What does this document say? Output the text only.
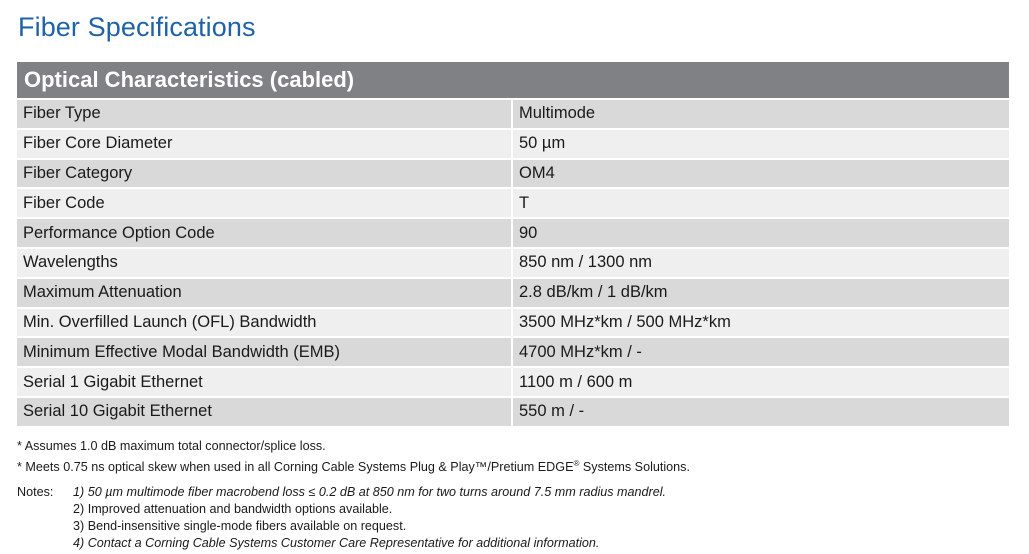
Fiber Specifications
Optical Characteristics (cabled)
Fiber Type	Multimode
Fiber Core Diameter	50 µm
Fiber Category	OM4
Fiber Code	T
Performance Option Code	90
Wavelengths	850 nm / 1300 nm
Maximum Attenuation	2.8 dB/km / 1 dB/km
Min. Overfilled Launch (OFL) Bandwidth	3500 MHz*km / 500 MHz*km
Minimum Effective Modal Bandwidth (EMB)	4700 MHz*km / -
Serial 1 Gigabit Ethernet	1100 m / 600 m
Serial 10 Gigabit Ethernet	550 m / -
* Assumes 1.0 dB maximum total connector/splice loss.
* Meets 0.75 ns optical skew when used in all Corning Cable Systems Plug & Play™/Pretium EDGE® Systems Solutions.
Notes:	1) 50 µm multimode fiber macrobend loss ≤ 0.2 dB at 850 nm for two turns around 7.5 mm radius mandrel.
2) Improved attenuation and bandwidth options available.
3) Bend-insensitive single-mode fibers available on request.
4) Contact a Corning Cable Systems Customer Care Representative for additional information.
